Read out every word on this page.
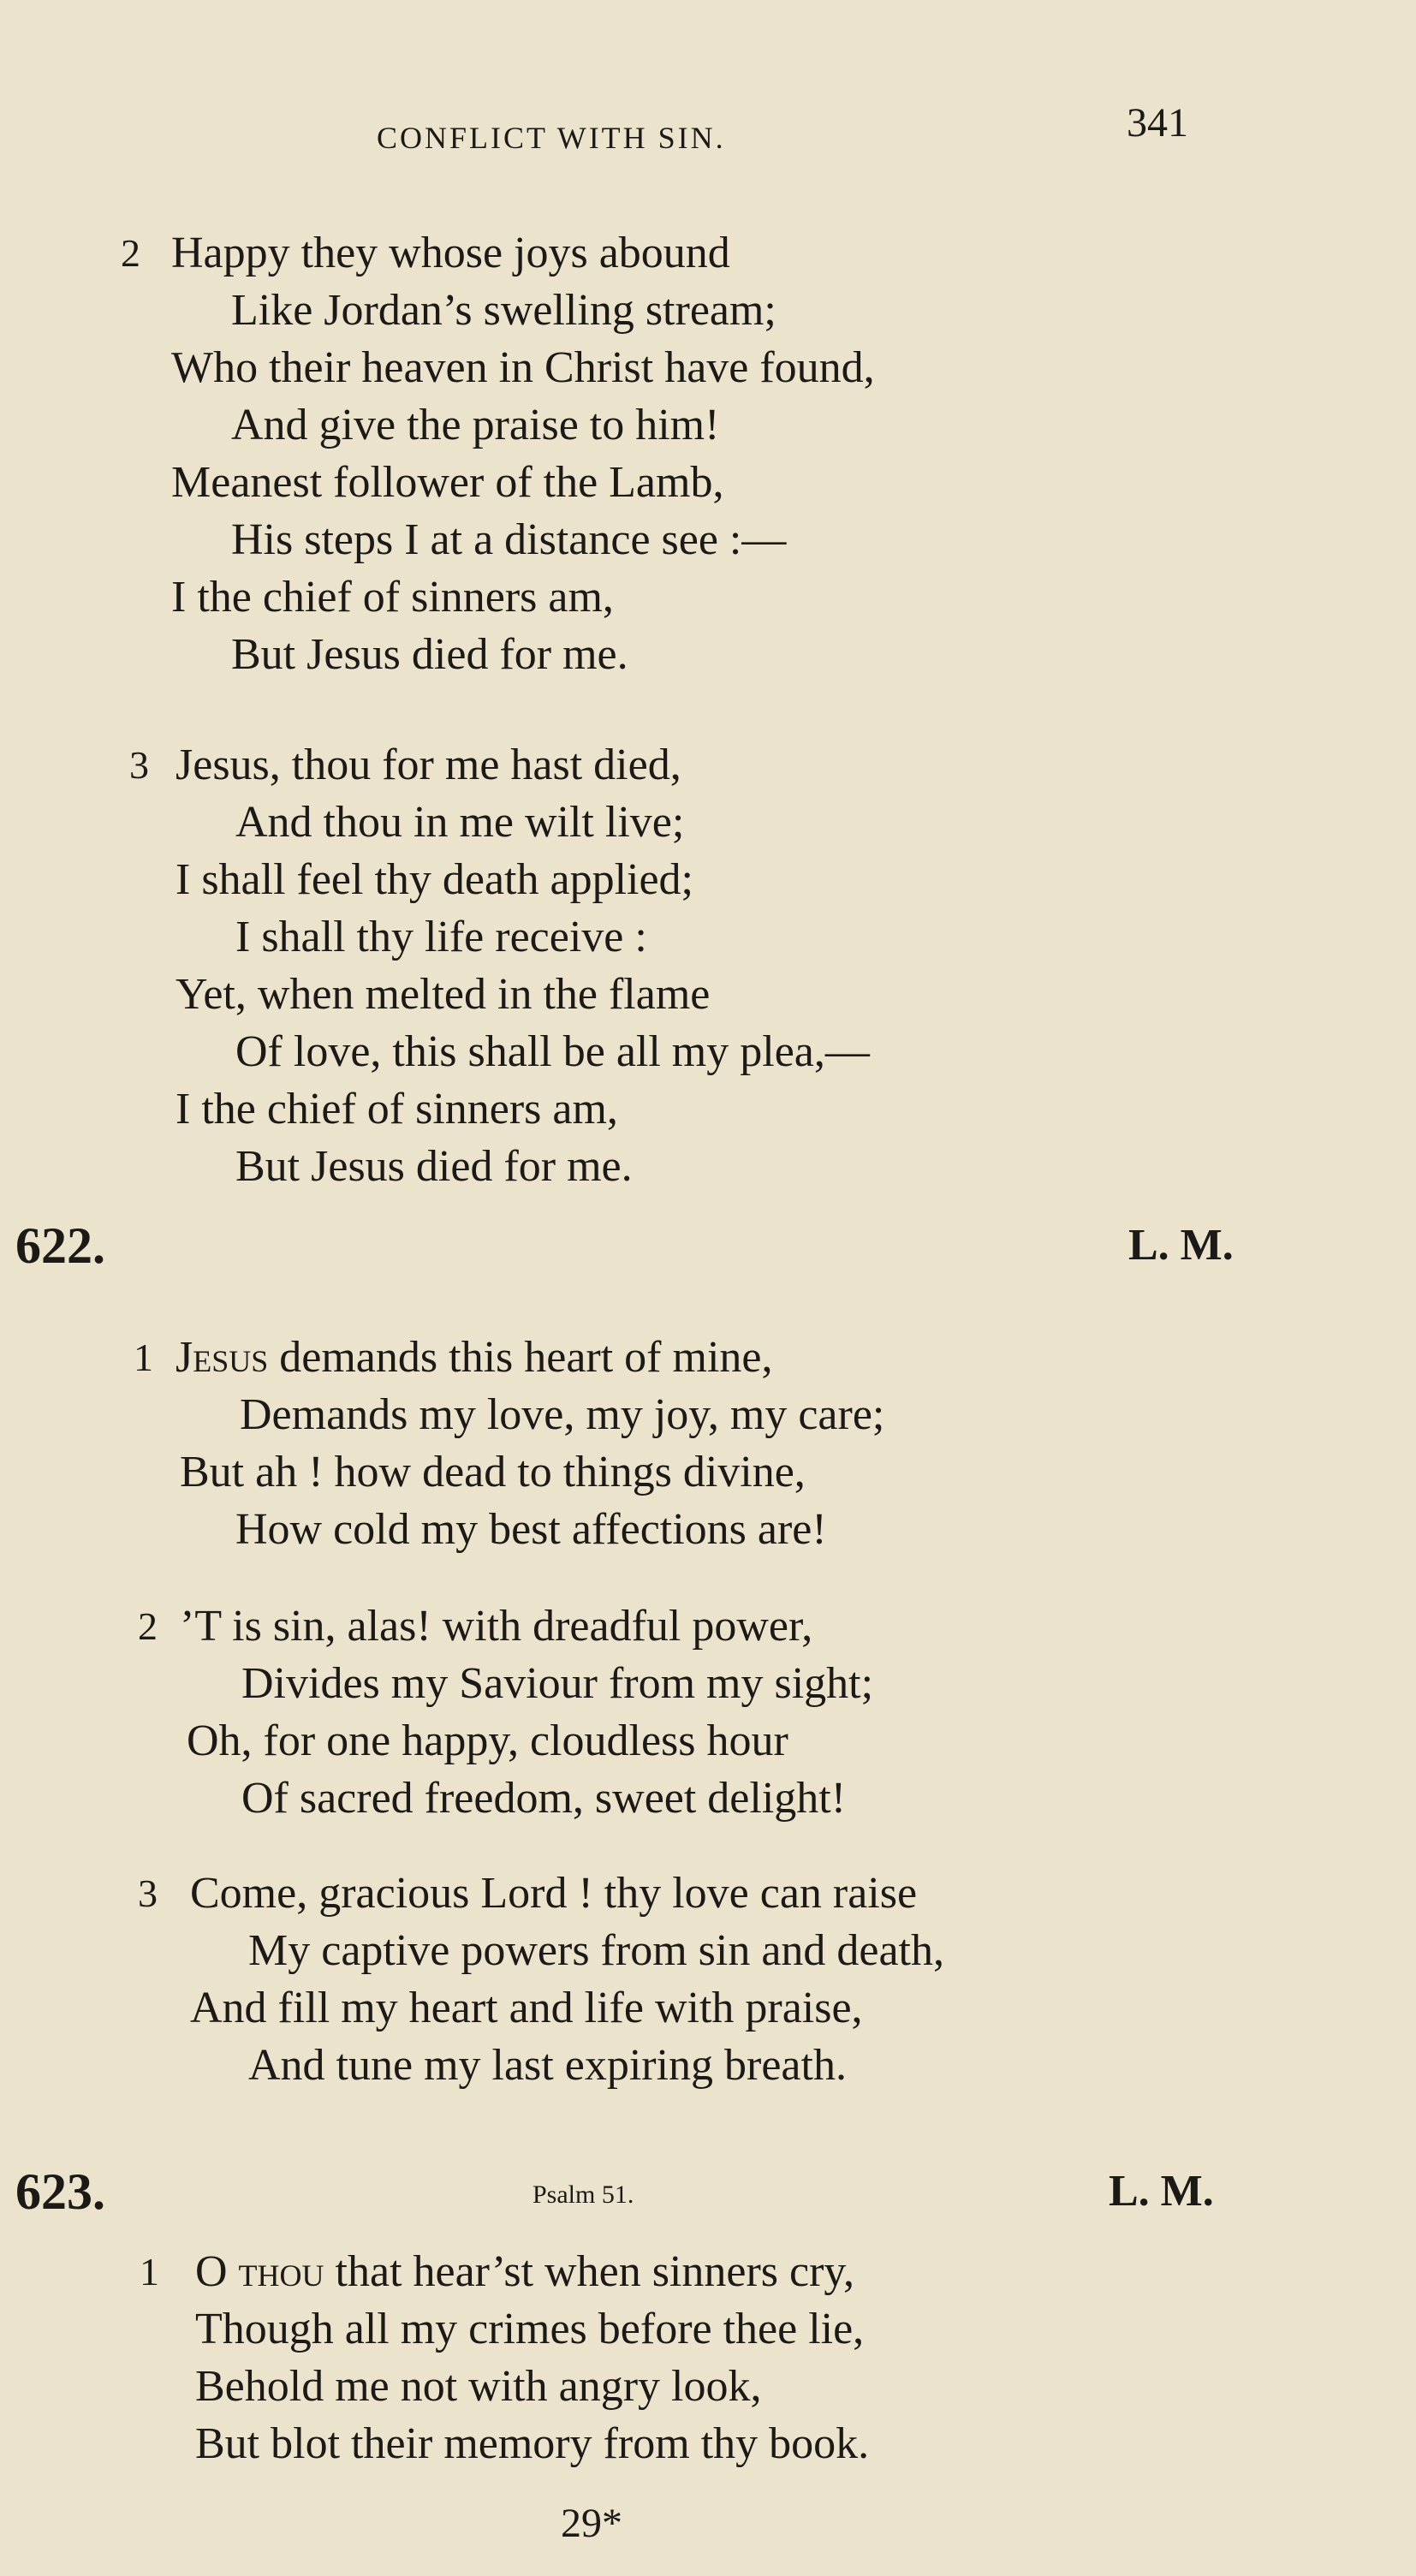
CONFLICT WITH SIN.	341
2 Happy they whose joys abound
Like Jordan’s swelling stream;
Who their heaven in Christ have found,
And give the praise to him!
Meanest follower of the Lamb,
His steps I at a distance see :—
I the chief of sinners am,
But Jesus died for me.
3 Jesus, thou for me hast died,
And thou in me wilt live;
I shall feel thy death applied;
I shall thy life receive :
Yet, when melted in the flame
Of love, this shall be all my plea,—
I the chief of sinners am,
But Jesus died for me.
622.	L. M.
1 Jesus demands this heart of mine,
Demands my love, my joy, my care;
But ah ! how dead to things divine,
How cold my best affections are!
2 ’T is sin, alas! with dreadful power,
Divides my Saviour from my sight;
Oh, for one happy, cloudless hour
Of sacred freedom, sweet delight!
3 Come, gracious Lord ! thy love can raise
My captive powers from sin and death,
And fill my heart and life with praise,
And tune my last expiring breath.
623.	Psalm 51.	L. M.
1 O thou that hear’st when sinners cry,
Though all my crimes before thee lie,
Behold me not with angry look,
But blot their memory from thy book.
29*
